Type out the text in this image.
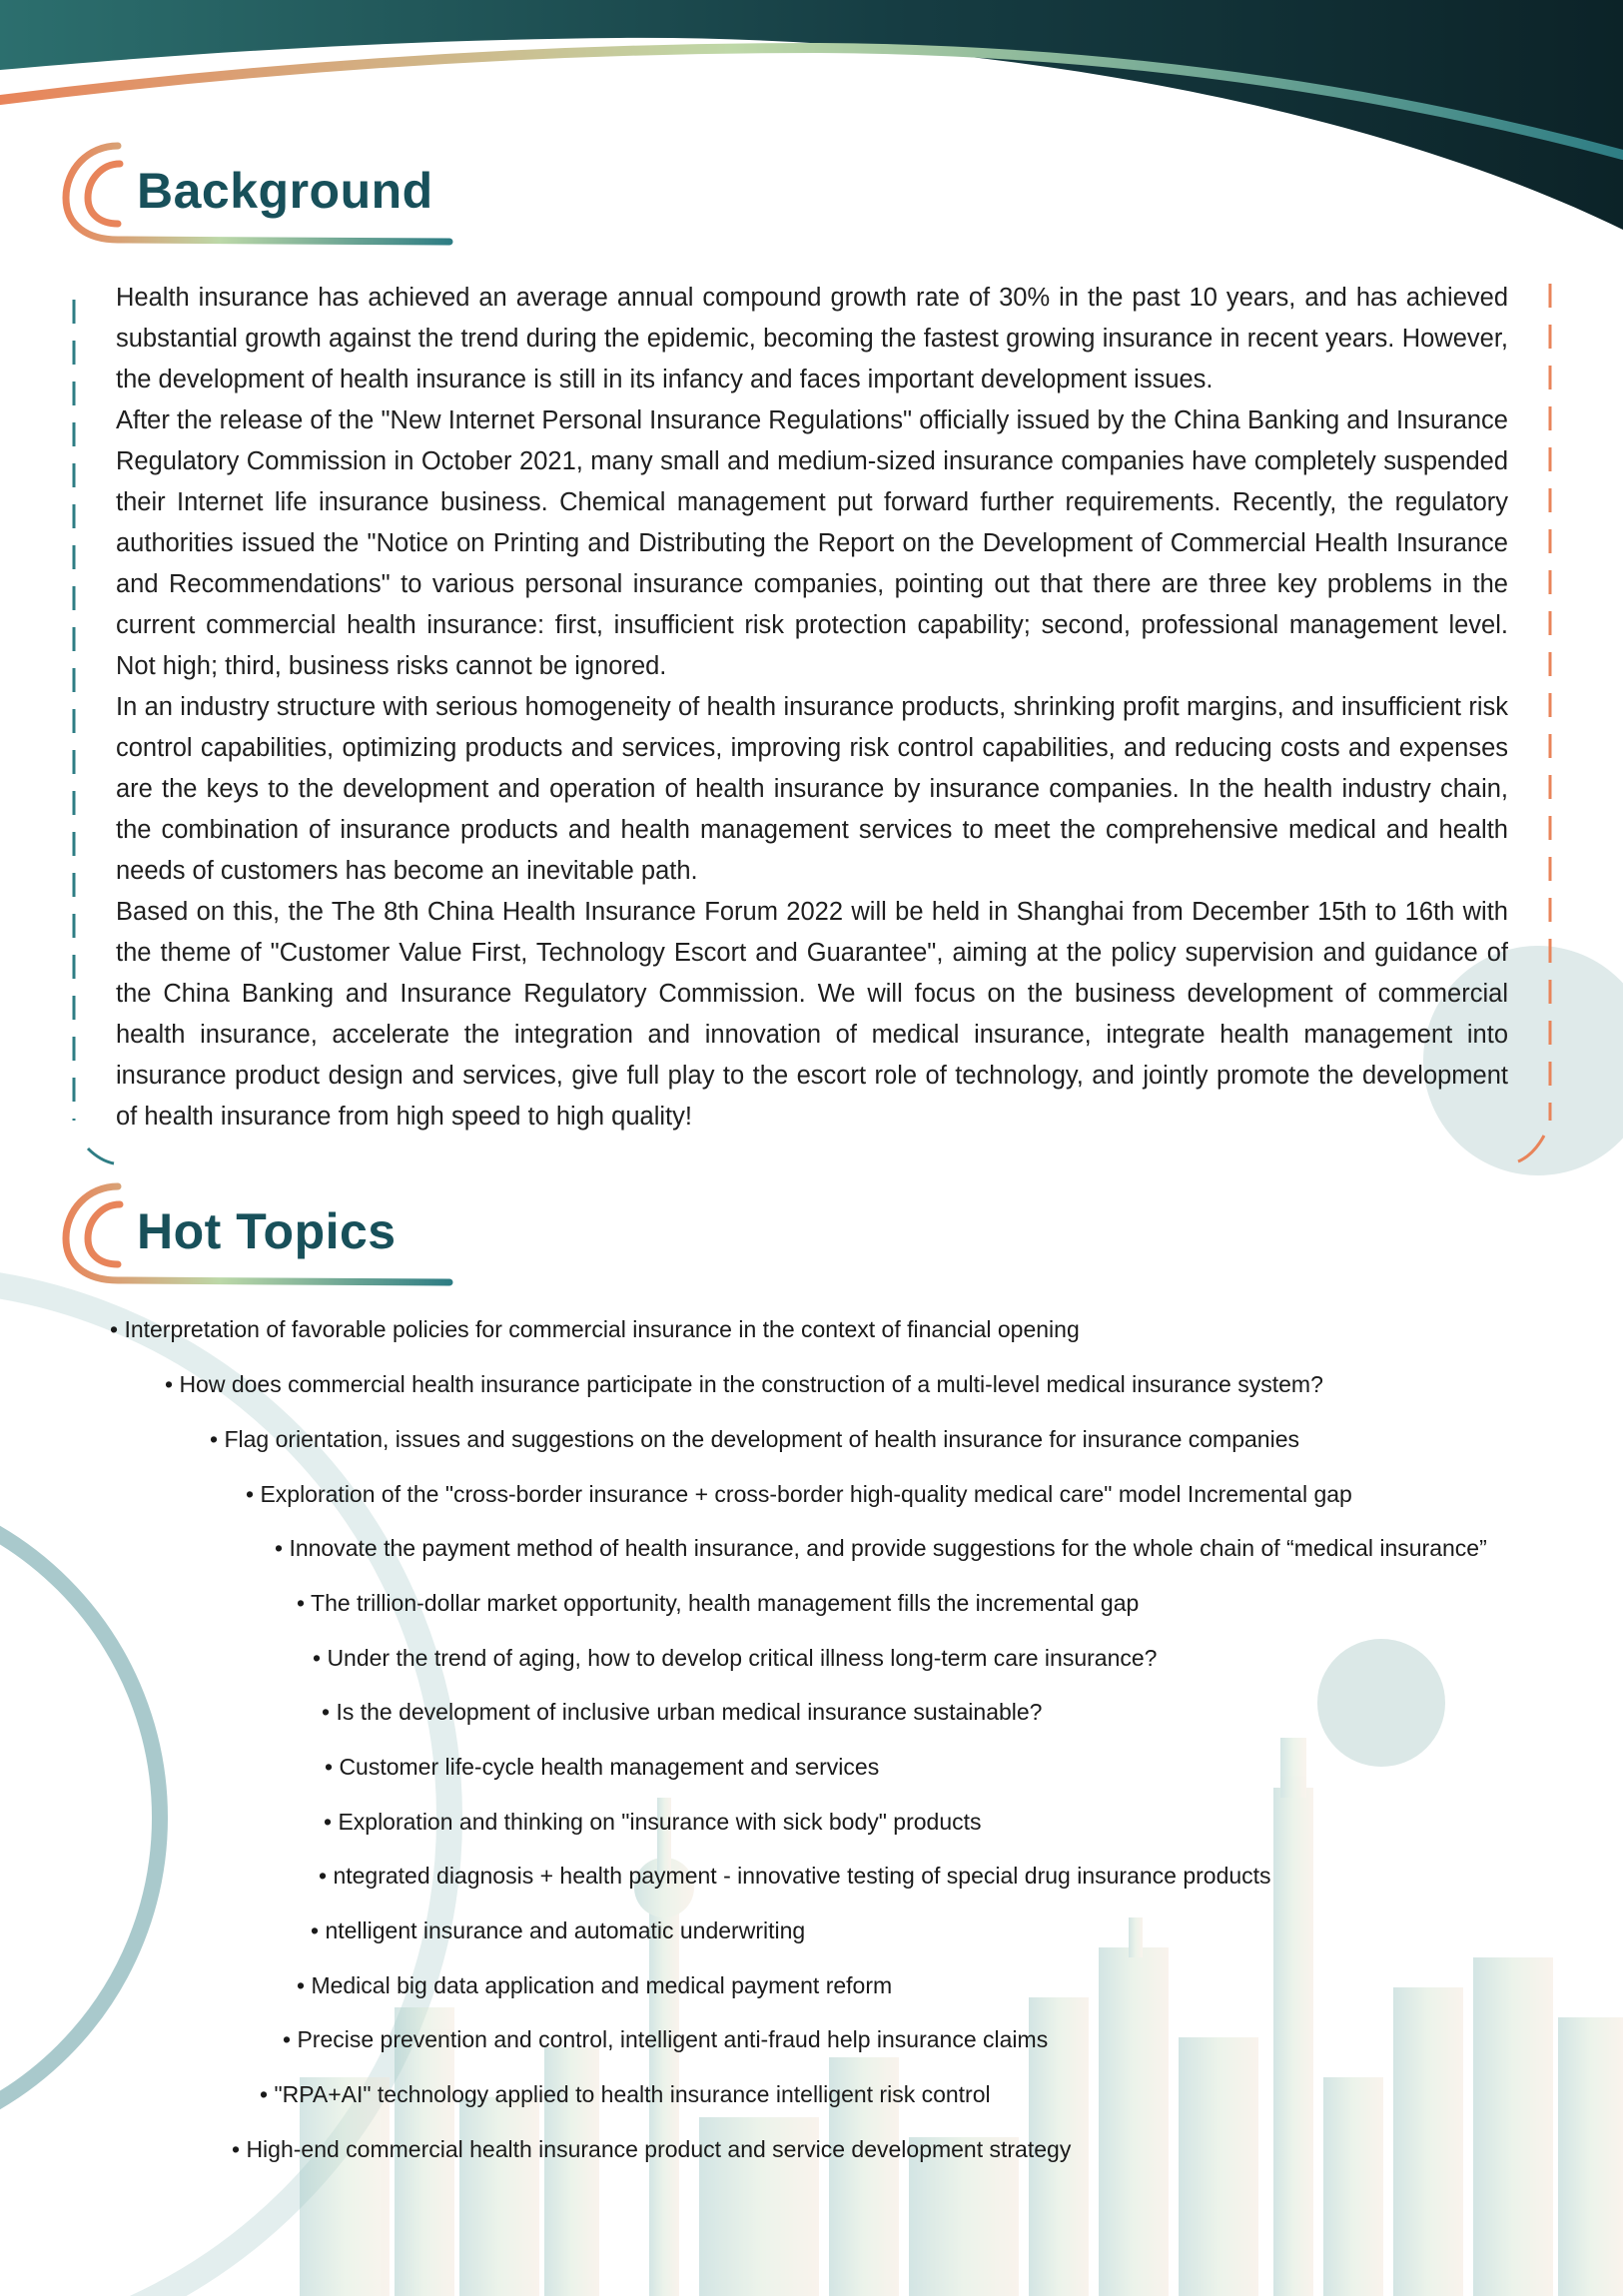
Background

Health insurance has achieved an average annual compound growth rate of 30% in the past 10 years, and has achieved substantial growth against the trend during the epidemic, becoming the fastest growing insurance in recent years. However, the development of health insurance is still in its infancy and faces important development issues.

After the release of the "New Internet Personal Insurance Regulations" officially issued by the China Banking and Insurance Regulatory Commission in October 2021, many small and medium-sized insurance companies have completely suspended their Internet life insurance business. Chemical management put forward further requirements. Recently, the regulatory authorities issued the "Notice on Printing and Distributing the Report on the Development of Commercial Health Insurance and Recommendations" to various personal insurance companies, pointing out that there are three key problems in the current commercial health insurance: first, insufficient risk protection capability; second, professional management level. Not high; third, business risks cannot be ignored.

In an industry structure with serious homogeneity of health insurance products, shrinking profit margins, and insufficient risk control capabilities, optimizing products and services, improving risk control capabilities, and reducing costs and expenses are the keys to the development and operation of health insurance by insurance companies. In the health industry chain, the combination of insurance products and health management services to meet the comprehensive medical and health needs of customers has become an inevitable path.

Based on this, the The 8th China Health Insurance Forum 2022 will be held in Shanghai from December 15th to 16th with the theme of "Customer Value First, Technology Escort and Guarantee", aiming at the policy supervision and guidance of the China Banking and Insurance Regulatory Commission. We will focus on the business development of commercial health insurance, accelerate the integration and innovation of medical insurance, integrate health management into insurance product design and services, give full play to the escort role of technology, and jointly promote the development of health insurance from high speed to high quality!

Hot Topics
• Interpretation of favorable policies for commercial insurance in the context of financial opening
• How does commercial health insurance participate in the construction of a multi-level medical insurance system?
• Flag orientation, issues and suggestions on the development of health insurance for insurance companies
• Exploration of the "cross-border insurance + cross-border high-quality medical care" model Incremental gap
• Innovate the payment method of health insurance, and provide suggestions for the whole chain of “medical insurance”
• The trillion-dollar market opportunity, health management fills the incremental gap
• Under the trend of aging, how to develop critical illness long-term care insurance?
• Is the development of inclusive urban medical insurance sustainable?
• Customer life-cycle health management and services
• Exploration and thinking on "insurance with sick body" products
• ntegrated diagnosis + health payment - innovative testing of special drug insurance products
• ntelligent insurance and automatic underwriting
• Medical big data application and medical payment reform
• Precise prevention and control, intelligent anti-fraud help insurance claims
• "RPA+AI" technology applied to health insurance intelligent risk control
• High-end commercial health insurance product and service development strategy
